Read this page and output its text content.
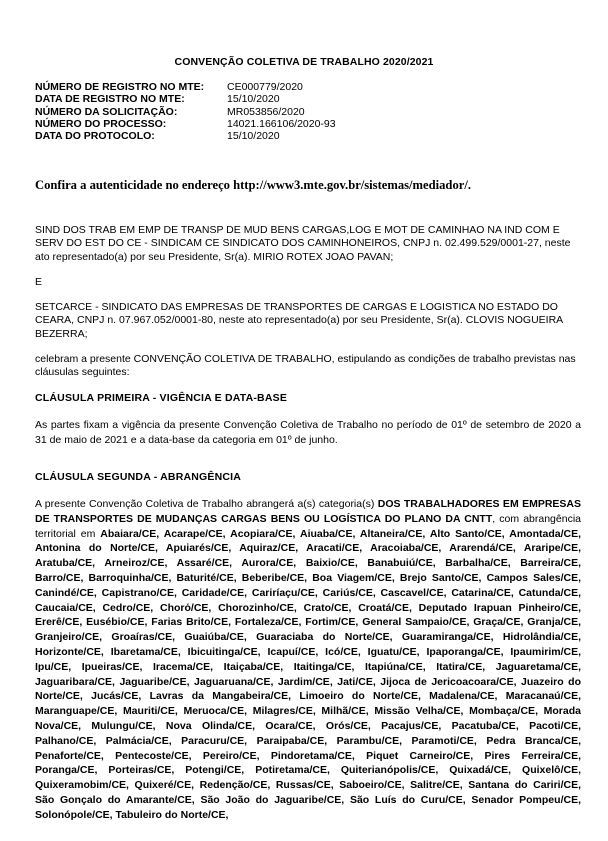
CONVENÇÃO COLETIVA DE TRABALHO 2020/2021
NÚMERO DE REGISTRO NO MTE:	CE000779/2020
DATA DE REGISTRO NO MTE:	15/10/2020
NÚMERO DA SOLICITAÇÃO:	MR053856/2020
NÚMERO DO PROCESSO:	14021.166106/2020-93
DATA DO PROTOCOLO:	15/10/2020
Confira a autenticidade no endereço http://www3.mte.gov.br/sistemas/mediador/.

SIND DOS TRAB EM EMP DE TRANSP DE MUD BENS CARGAS,LOG E MOT DE CAMINHAO NA IND COM E SERV DO EST DO CE - SINDICAM CE SINDICATO DOS CAMINHONEIROS, CNPJ n. 02.499.529/0001-27, neste ato representado(a) por seu Presidente, Sr(a). MIRIO ROTEX JOAO PAVAN;

E

SETCARCE - SINDICATO DAS EMPRESAS DE TRANSPORTES DE CARGAS E LOGISTICA NO ESTADO DO CEARA, CNPJ n. 07.967.052/0001-80, neste ato representado(a) por seu Presidente, Sr(a). CLOVIS NOGUEIRA BEZERRA;

celebram a presente CONVENÇÃO COLETIVA DE TRABALHO, estipulando as condições de trabalho previstas nas cláusulas seguintes:

CLÁUSULA PRIMEIRA - VIGÊNCIA E DATA-BASE

As partes fixam a vigência da presente Convenção Coletiva de Trabalho no período de 01º de setembro de 2020 a 31 de maio de 2021 e a data-base da categoria em 01º de junho.

CLÁUSULA SEGUNDA - ABRANGÊNCIA

A presente Convenção Coletiva de Trabalho abrangerá a(s) categoria(s) DOS TRABALHADORES EM EMPRESAS DE TRANSPORTES DE MUDANÇAS CARGAS BENS OU LOGÍSTICA DO PLANO DA CNTT, com abrangência territorial em Abaiara/CE, Acarape/CE, Acopiara/CE, Aiuaba/CE, Altaneira/CE, Alto Santo/CE, Amontada/CE, Antonina do Norte/CE, Apuiarés/CE, Aquiraz/CE, Aracati/CE, Aracoiaba/CE, Ararendá/CE, Araripe/CE, Aratuba/CE, Arneiroz/CE, Assaré/CE, Aurora/CE, Baixio/CE, Banabuiú/CE, Barbalha/CE, Barreira/CE, Barro/CE, Barroquinha/CE, Baturité/CE, Beberibe/CE, Boa Viagem/CE, Brejo Santo/CE, Campos Sales/CE, Canindé/CE, Capistrano/CE, Caridade/CE, Cariríaçu/CE, Cariús/CE, Cascavel/CE, Catarina/CE, Catunda/CE, Caucaia/CE, Cedro/CE, Chorό/CE, Chorozinho/CE, Crato/CE, Croatá/CE, Deputado Irapuan Pinheiro/CE, Ererê/CE, Eusébio/CE, Farias Brito/CE, Fortaleza/CE, Fortim/CE, General Sampaio/CE, Graça/CE, Granja/CE, Granjeiro/CE, Groaíras/CE, Guaiúba/CE, Guaraciaba do Norte/CE, Guaramiranga/CE, Hidrolândia/CE, Horizonte/CE, Ibaretama/CE, Ibicuitinga/CE, Icapuí/CE, Icó/CE, Iguatu/CE, Ipaporanga/CE, Ipaumirim/CE, Ipu/CE, Ipueiras/CE, Iracema/CE, Itaiçaba/CE, Itaitinga/CE, Itapiúna/CE, Itatira/CE, Jaguaretama/CE, Jaguaribara/CE, Jaguaribe/CE, Jaguaruana/CE, Jardim/CE, Jati/CE, Jijoca de Jericoacoara/CE, Juazeiro do Norte/CE, Jucás/CE, Lavras da Mangabeira/CE, Limoeiro do Norte/CE, Madalena/CE, Maracanaú/CE, Maranguape/CE, Mauriti/CE, Meruoca/CE, Milagres/CE, Milhã/CE, Missão Velha/CE, Mombaça/CE, Morada Nova/CE, Mulungu/CE, Nova Olinda/CE, Ocara/CE, Orós/CE, Pacajus/CE, Pacatuba/CE, Pacoti/CE, Palhano/CE, Palmácia/CE, Paracuru/CE, Paraipaba/CE, Parambu/CE, Paramoti/CE, Pedra Branca/CE, Penaforte/CE, Pentecoste/CE, Pereiro/CE, Pindoretama/CE, Piquet Carneiro/CE, Pires Ferreira/CE, Poranga/CE, Porteiras/CE, Potengi/CE, Potiretama/CE, Quiterianópolis/CE, Quixadá/CE, Quixelô/CE, Quixeramobim/CE, Quixeré/CE, Redenção/CE, Russas/CE, Saboeiro/CE, Salitre/CE, Santana do Cariri/CE, São Gonçalo do Amarante/CE, São João do Jaguaribe/CE, São Luís do Curu/CE, Senador Pompeu/CE, Solonópole/CE, Tabuleiro do Norte/CE,
